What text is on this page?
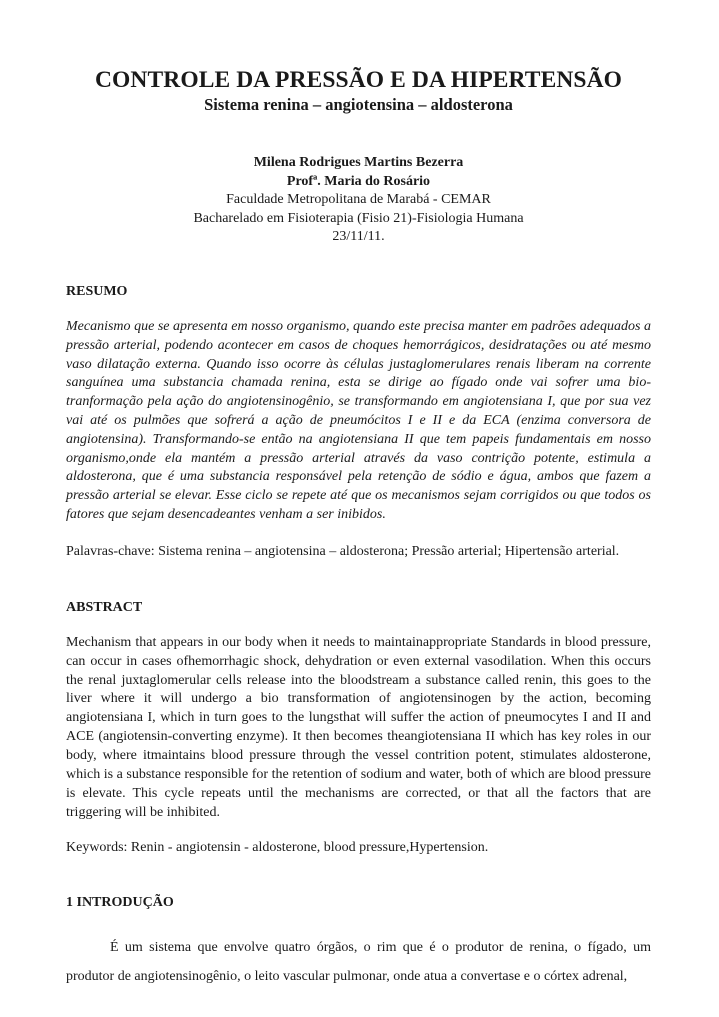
CONTROLE DA PRESSÃO E DA HIPERTENSÃO
Sistema renina – angiotensina – aldosterona
Milena Rodrigues Martins Bezerra
Profª. Maria do Rosário
Faculdade Metropolitana de Marabá - CEMAR
Bacharelado em Fisioterapia (Fisio 21)-Fisiologia Humana
23/11/11.
RESUMO

Mecanismo que se apresenta em nosso organismo, quando este precisa manter em padrões adequados a pressão arterial, podendo acontecer em casos de choques hemorrágicos, desidratações ou até mesmo vaso dilatação externa. Quando isso ocorre às células justaglomerulares renais liberam na corrente sanguínea uma substancia chamada renina, esta se dirige ao fígado onde vai sofrer uma bio-tranformação pela ação do angiotensinogênio, se transformando em angiotensiana I, que por sua vez vai até os pulmões que sofrerá a ação de pneumócitos I e II e da ECA (enzima conversora de angiotensina). Transformando-se então na angiotensiana II que tem papeis fundamentais em nosso organismo,onde ela mantém a pressão arterial através da vaso contrição potente, estimula a aldosterona, que é uma substancia responsável pela retenção de sódio e água, ambos que fazem a pressão arterial se elevar. Esse ciclo se repete até que os mecanismos sejam corrigidos ou que todos os fatores que sejam desencadeantes venham a ser inibidos.

Palavras-chave: Sistema renina – angiotensina – aldosterona; Pressão arterial; Hipertensão arterial.

ABSTRACT

Mechanism that appears in our body when it needs to maintainappropriate Standards in blood pressure, can occur in cases ofhemorrhagic shock, dehydration or even external vasodilation. When this occurs the renal juxtaglomerular cells release into the bloodstream a substance called renin, this goes to the liver where it will undergo a bio transformation of angiotensinogen by the action, becoming angiotensiana I, which in turn goes to the lungsthat will suffer the action of pneumocytes I and II and ACE (angiotensin-converting enzyme). It then becomes theangiotensiana II which has key roles in our body, where itmaintains blood pressure through the vessel contrition potent, stimulates aldosterone, which is a substance responsible for the retention of sodium and water, both of which are blood pressure is elevate. This cycle repeats until the mechanisms are corrected, or that all the factors that are triggering will be inhibited.

Keywords: Renin - angiotensin - aldosterone, blood pressure,Hypertension.

1 INTRODUÇÃO

É um sistema que envolve quatro órgãos, o rim que é o produtor de renina, o fígado, um produtor de angiotensinogênio, o leito vascular pulmonar, onde atua a convertase e o córtex adrenal,
